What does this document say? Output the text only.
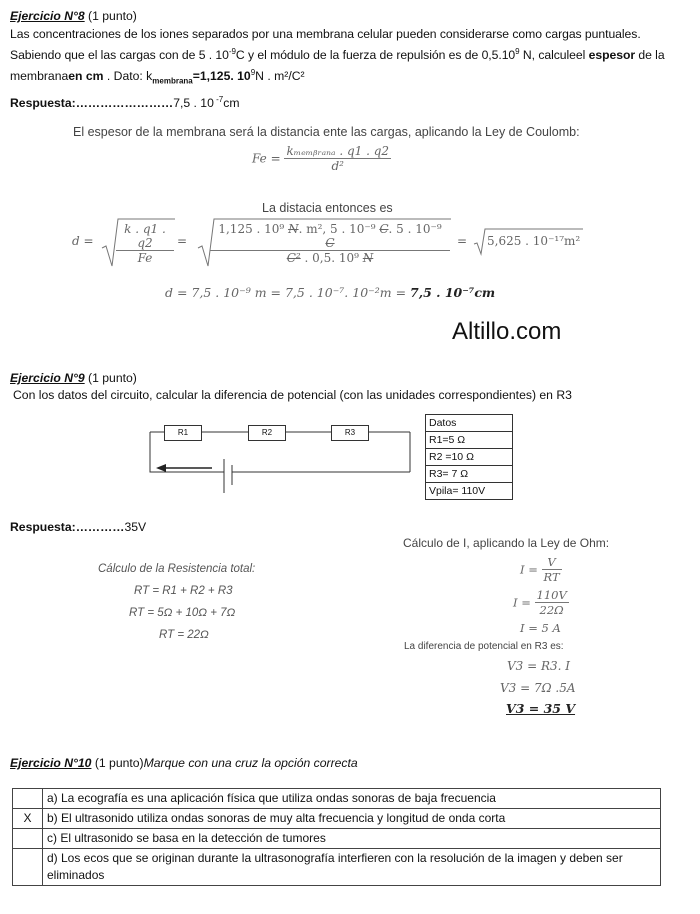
Ejercicio N°8 (1 punto)
Las concentraciones de los iones separados por una membrana celular pueden considerarse como cargas puntuales.
Sabiendo que el las cargas con de 5 . $10^{-9}C$ y el módulo de la fuerza de repulsión es de 0,5.10$^9$ N, calculeel espesor de la
membranaen cm . Dato: $k_{membrana}=1,125$. $10^9N$ . m²/C²
Respuesta:……………………7,5 . 10 $^{-7}$cm
El espesor de la membrana será la distancia ente las cargas, aplicando la Ley de Coulomb:
$Fe = \frac{\text{kₘₑₘᵦᵣₐₙₐ . q1 . q2}}{\text{d²}}$
La distacia entonces es
$d = \frac{k . q1 . q2}{Fe} = \frac{\text{1,125 . 10⁹ N. m², 5 . 10⁻⁹ C. 5 . 10⁻⁹ C}}{\text{C² . 0,5. 10⁹ N}} = 5,625$ . 10⁻¹⁷m²
d = 7,5 . 10⁻⁹ m = 7,5 . 10⁻⁷. 10⁻²m = 7,5 . 10⁻⁷cm
Altillo.com
Ejercicio N°9 (1 punto)
Con los datos del circuito, calcular la diferencia de potencial (con las unidades correspondientes) en R3
R1	R2	R3
Datos
R1=5 Ω
R2 =10 Ω
R3= 7 Ω
Vpila= 110V
Respuesta:…………35V
Cálculo de la Resistencia total:
RT = R1 + R2 + R3
RT = 5Ω + 10Ω + 7Ω
RT = 22Ω
Cálculo de I, aplicando la Ley de Ohm:
$I = \frac{V}{RT}$
$I = \frac{110V}{22\Omega}$
I = 5 A
La diferencia de potencial en R3 es:
V3 = R3. I
V3 = 7Ω .5A
V3 = 35 V
Ejercicio N°10 (1 punto)Marque con una cruz la opción correcta
	a) La ecografía es una aplicación física que utiliza ondas sonoras de baja frecuencia
X	b) El ultrasonido utiliza ondas sonoras de muy alta frecuencia y longitud de onda corta
	c) El ultrasonido se basa en la detección de tumores
	d) Los ecos que se originan durante la ultrasonografía interfieren con la resolución de la imagen y deben ser eliminados
